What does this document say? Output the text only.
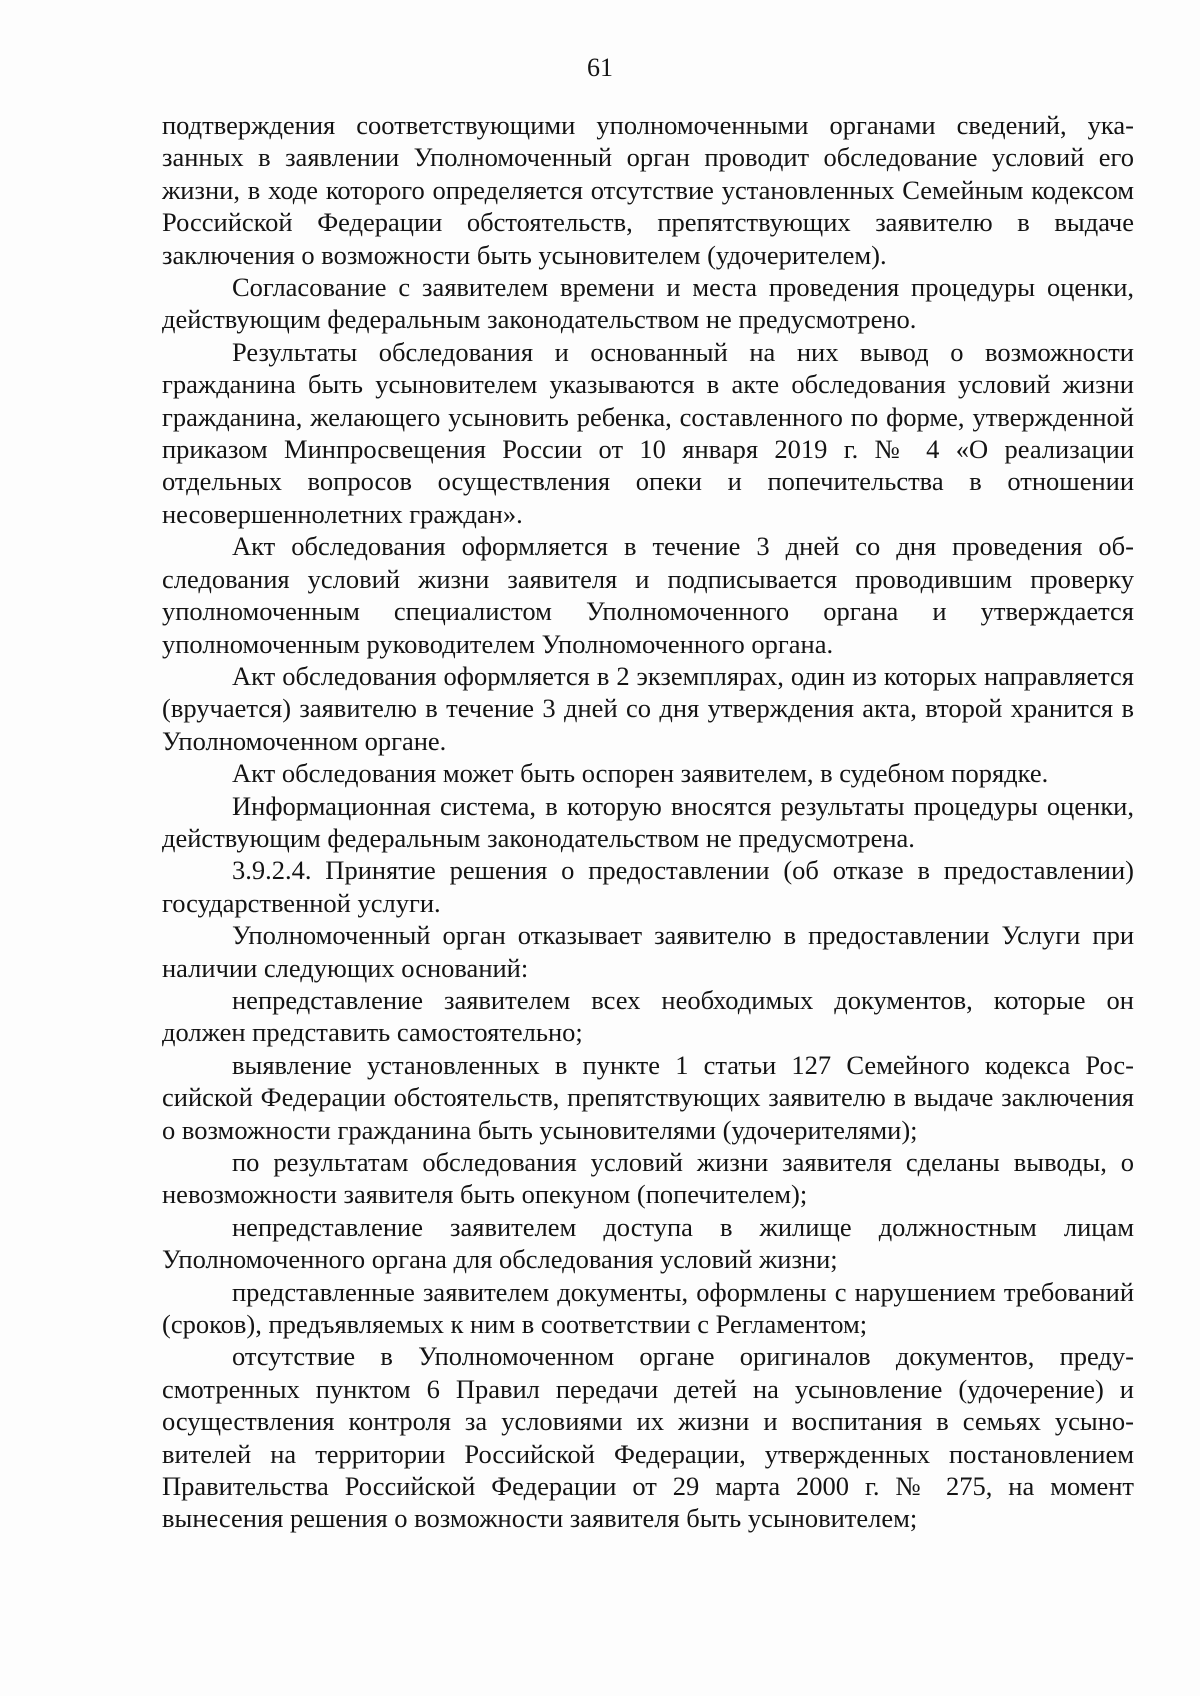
61

подтверждения соответствующими уполномоченными органами сведений, указанных в заявлении Уполномоченный орган проводит обследование условий его жизни, в ходе которого определяется отсутствие установленных Семейным кодексом Российской Федерации обстоятельств, препятствующих заявителю в выдаче заключения о возможности быть усыновителем (удочерителем).

Согласование с заявителем времени и места проведения процедуры оценки, действующим федеральным законодательством не предусмотрено.

Результаты обследования и основанный на них вывод о возможности гражданина быть усыновителем указываются в акте обследования условий жизни гражданина, желающего усыновить ребенка, составленного по форме, утвержденной приказом Минпросвещения России от 10 января 2019 г. № 4 «О реализации отдельных вопросов осуществления опеки и попечительства в отношении несовершеннолетних граждан».

Акт обследования оформляется в течение 3 дней со дня проведения обследования условий жизни заявителя и подписывается проводившим проверку уполномоченным специалистом Уполномоченного органа и утверждается уполномоченным руководителем Уполномоченного органа.

Акт обследования оформляется в 2 экземплярах, один из которых направляется (вручается) заявителю в течение 3 дней со дня утверждения акта, второй хранится в Уполномоченном органе.

Акт обследования может быть оспорен заявителем, в судебном порядке.

Информационная система, в которую вносятся результаты процедуры оценки, действующим федеральным законодательством не предусмотрена.

3.9.2.4. Принятие решения о предоставлении (об отказе в предоставлении) государственной услуги.

Уполномоченный орган отказывает заявителю в предоставлении Услуги при наличии следующих оснований:

непредставление заявителем всех необходимых документов, которые он должен представить самостоятельно;

выявление установленных в пункте 1 статьи 127 Семейного кодекса Российской Федерации обстоятельств, препятствующих заявителю в выдаче заключения о возможности гражданина быть усыновителями (удочерителями);

по результатам обследования условий жизни заявителя сделаны выводы, о невозможности заявителя быть опекуном (попечителем);

непредставление заявителем доступа в жилище должностным лицам Уполномоченного органа для обследования условий жизни;

представленные заявителем документы, оформлены с нарушением требований (сроков), предъявляемых к ним в соответствии с Регламентом;

отсутствие в Уполномоченном органе оригиналов документов, предусмотренных пунктом 6 Правил передачи детей на усыновление (удочерение) и осуществления контроля за условиями их жизни и воспитания в семьях усыновителей на территории Российской Федерации, утвержденных постановлением Правительства Российской Федерации от 29 марта 2000 г. № 275, на момент вынесения решения о возможности заявителя быть усыновителем;
